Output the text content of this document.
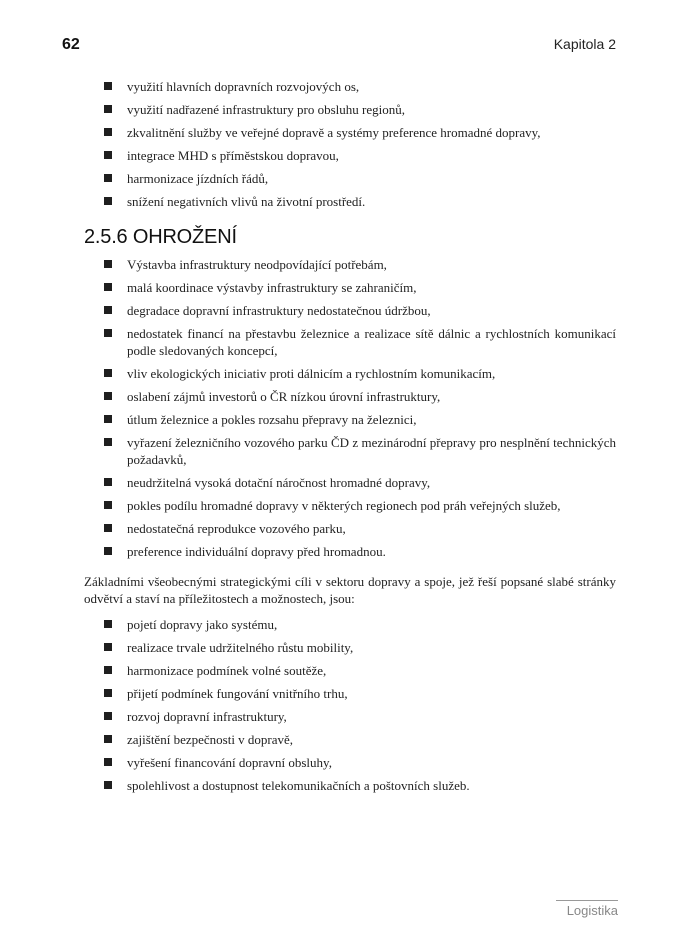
62	Kapitola 2
využití hlavních dopravních rozvojových os,
využití nadřazené infrastruktury pro obsluhu regionů,
zkvalitnění služby ve veřejné dopravě a systémy preference hromadné dopravy,
integrace MHD s příměstskou dopravou,
harmonizace jízdních řádů,
snížení negativních vlivů na životní prostředí.
2.5.6 OHROŽENÍ
Výstavba infrastruktury neodpovídající potřebám,
malá koordinace výstavby infrastruktury se zahraničím,
degradace dopravní infrastruktury nedostatečnou údržbou,
nedostatek financí na přestavbu železnice a realizace sítě dálnic a rychlostních komunikací podle sledovaných koncepcí,
vliv ekologických iniciativ proti dálnicím a rychlostním komunikacím,
oslabení zájmů investorů o ČR nízkou úrovní infrastruktury,
útlum železnice a pokles rozsahu přepravy na železnici,
vyřazení železničního vozového parku ČD z mezinárodní přepravy pro nesplnění technických požadavků,
neudržitelná vysoká dotační náročnost hromadné dopravy,
pokles podílu hromadné dopravy v některých regionech pod práh veřejných služeb,
nedostatečná reprodukce vozového parku,
preference individuální dopravy před hromadnou.

Základními všeobecnými strategickými cíli v sektoru dopravy a spoje, jež řeší popsané slabé stránky odvětví a staví na příležitostech a možnostech, jsou:

pojetí dopravy jako systému,
realizace trvale udržitelného růstu mobility,
harmonizace podmínek volné soutěže,
přijetí podmínek fungování vnitřního trhu,
rozvoj dopravní infrastruktury,
zajištění bezpečnosti v dopravě,
vyřešení financování dopravní obsluhy,
spolehlivost a dostupnost telekomunikačních a poštovních služeb.
Logistika
